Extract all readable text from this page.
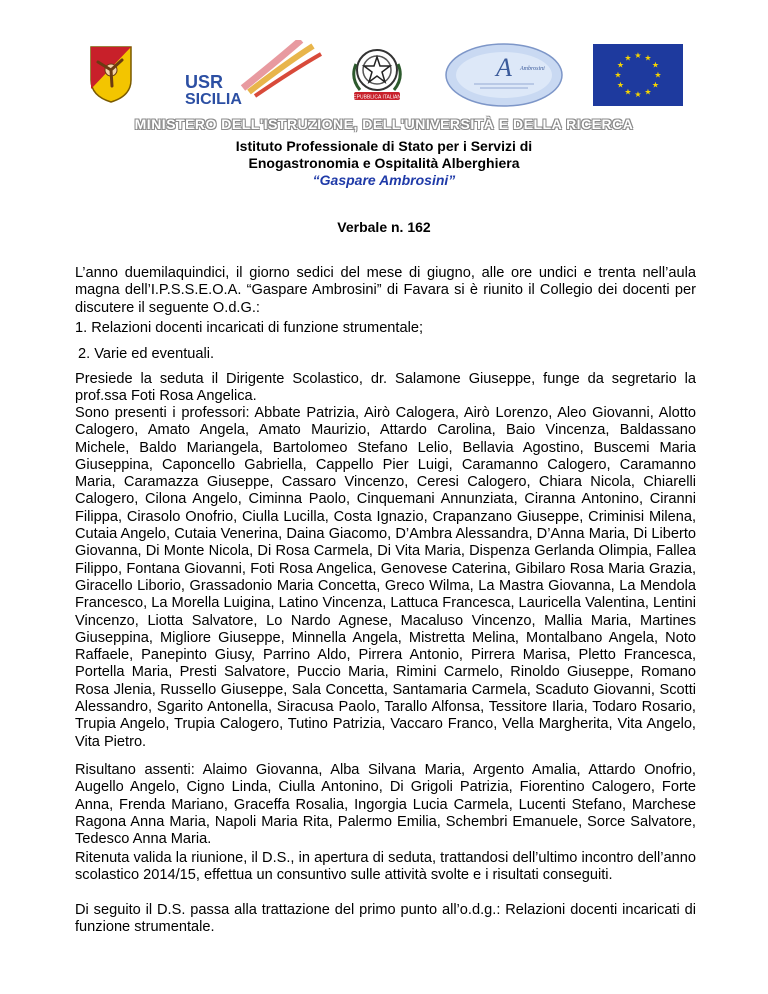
USR
SICILIA	REPUBBLICA ITALIANA
A Ambrosini
★ ★
★
★
★
★
★
★
★
★
★
★
MINISTERO DELL'ISTRUZIONE, DELL'UNIVERSITÀ E DELLA RICERCA
Istituto Professionale di Stato per i Servizi di
Enogastronomia e Ospitalità Alberghiera
“Gaspare Ambrosini”
Verbale n. 162

L’anno duemilaquindici, il giorno sedici del mese di giugno, alle ore undici e trenta nell’aula magna dell’I.P.S.S.E.O.A. “Gaspare Ambrosini” di Favara si è riunito il Collegio dei docenti per discutere il seguente O.d.G.:

1. Relazioni docenti incaricati di funzione strumentale;

2. Varie ed eventuali.

Presiede la seduta il Dirigente Scolastico, dr. Salamone Giuseppe, funge da segretario la prof.ssa Foti Rosa Angelica.

Sono presenti i professori: Abbate Patrizia, Airò Calogera, Airò Lorenzo, Aleo Giovanni, Alotto Calogero, Amato Angela, Amato Maurizio, Attardo Carolina, Baio Vincenza, Baldassano Michele, Baldo Mariangela, Bartolomeo Stefano Lelio, Bellavia Agostino, Buscemi Maria Giuseppina, Caponcello Gabriella, Cappello Pier Luigi, Caramanno Calogero, Caramanno Maria, Caramazza Giuseppe, Cassaro Vincenzo, Ceresi Calogero, Chiara Nicola, Chiarelli Calogero, Cilona Angelo, Ciminna Paolo, Cinquemani Annunziata, Ciranna Antonino, Ciranni Filippa, Cirasolo Onofrio, Ciulla Lucilla, Costa Ignazio, Crapanzano Giuseppe, Criminisi Milena, Cutaia Angelo, Cutaia Venerina, Daina Giacomo, D’Ambra Alessandra, D’Anna Maria, Di Liberto Giovanna, Di Monte Nicola, Di Rosa Carmela, Di Vita Maria, Dispenza Gerlanda Olimpia, Fallea Filippo, Fontana Giovanni, Foti Rosa Angelica, Genovese Caterina, Gibilaro Rosa Maria Grazia, Giracello Liborio, Grassadonio Maria Concetta, Greco Wilma, La Mastra Giovanna, La Mendola Francesco, La Morella Luigina, Latino Vincenza, Lattuca Francesca, Lauricella Valentina, Lentini Vincenzo, Liotta Salvatore, Lo Nardo Agnese, Macaluso Vincenzo, Mallia Maria, Martines Giuseppina, Migliore Giuseppe, Minnella Angela, Mistretta Melina, Montalbano Angela, Noto Raffaele, Panepinto Giusy, Parrino Aldo, Pirrera Antonio, Pirrera Marisa, Pletto Francesca, Portella Maria, Presti Salvatore, Puccio Maria, Rimini Carmelo, Rinoldo Giuseppe, Romano Rosa Jlenia, Russello Giuseppe, Sala Concetta, Santamaria Carmela, Scaduto Giovanni, Scotti Alessandro, Sgarito Antonella, Siracusa Paolo, Tarallo Alfonsa, Tessitore Ilaria, Todaro Rosario, Trupia Angelo, Trupia Calogero, Tutino Patrizia, Vaccaro Franco, Vella Margherita, Vita Angelo, Vita Pietro.

Risultano assenti: Alaimo Giovanna, Alba Silvana Maria, Argento Amalia, Attardo Onofrio, Augello Angelo, Cigno Linda, Ciulla Antonino, Di Grigoli Patrizia, Fiorentino Calogero, Forte Anna, Frenda Mariano, Graceffa Rosalia, Ingorgia Lucia Carmela, Lucenti Stefano, Marchese Ragona Anna Maria, Napoli Maria Rita, Palermo Emilia, Schembri Emanuele, Sorce Salvatore, Tedesco Anna Maria.

Ritenuta valida la riunione, il D.S., in apertura di seduta, trattandosi dell’ultimo incontro dell’anno scolastico 2014/15, effettua un consuntivo sulle attività svolte e i risultati conseguiti.

Di seguito il D.S. passa alla trattazione del primo punto all’o.d.g.: Relazioni docenti incaricati di funzione strumentale.
